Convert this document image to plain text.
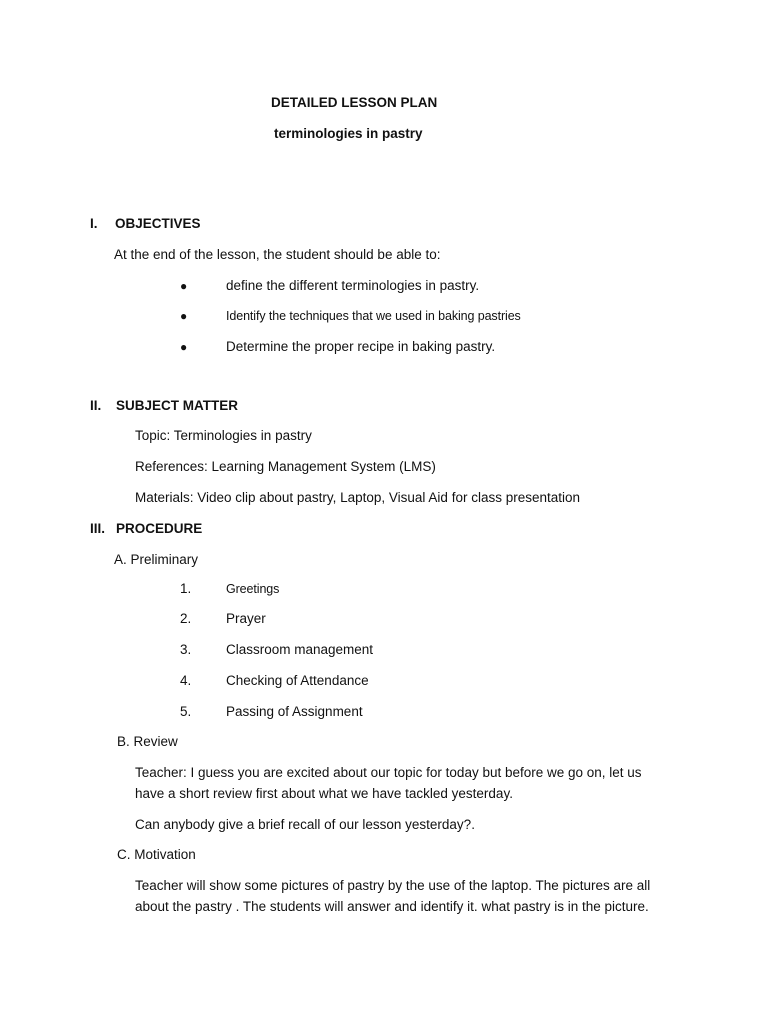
DETAILED LESSON PLAN
terminologies in pastry
I. OBJECTIVES
At the end of the lesson, the student should be able to:
●	define the different terminologies in pastry.
●	Identify the techniques that we used in baking pastries
●	Determine the proper recipe in baking pastry.
II. SUBJECT MATTER
Topic: Terminologies in pastry
References: Learning Management System (LMS)
Materials: Video clip about pastry, Laptop, Visual Aid for class presentation
III. PROCEDURE
A. Preliminary
1.	Greetings
2.	Prayer
3.	Classroom management
4.	Checking of Attendance
5.	Passing of Assignment
B. Review
Teacher: I guess you are excited about our topic for today but before we go on, let us
have a short review first about what we have tackled yesterday.
Can anybody give a brief recall of our lesson yesterday?.
C. Motivation
Teacher will show some pictures of pastry by the use of the laptop. The pictures are all
about the pastry . The students will answer and identify it. what pastry is in the picture.
